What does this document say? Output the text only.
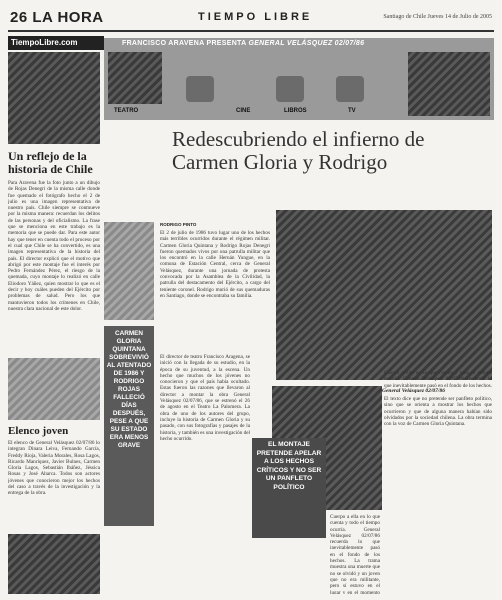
26 LA HORA	TIEMPO LIBRE	Santiago de Chile Jueves 14 de Julio de 2005
TiempoLibre.com
Un reflejo de la historia de Chile
Para Aravena fue la foto junto a un dibujo de Rojas Denegri de la misma calle donde fue quemado el fotógrafo hecho el 2 de julio es una imagen representativa de nuestro país. Chile siempre se conmueve por la misma manera: recuerdan los delitos de las personas y del oficialismo. La frase que se menciona en este trabajo es la memoria que se puede dar. Para este autor hay que tener en cuenta todo el proceso por el cual que Chile se ha convertido, es una imagen representativa de la historia del país. El director explicó que el motivo que abrigó por este montaje fue el interés por Pedro Fernández Pérez, el riesgo de la quemada, cuyo montaje lo realizó en calle Eliodoro Yáñez, quien mostrar lo que es el decir y hoy cuáles pueden del Ejército por problemas de salud. Pero los que mantuvieron todos los crímenes en Chile, nuestra clara nacional de este dolor.
Elenco joven
El elenco de General Velásquez 02/07/86 lo integran Dinara Leiva, Fernando García, Freddy Rioja, Valeria Morales, Rosa Lagos, Ricardo Manríquez, Javier Bulnes, Carmen Gloria Lagos, Sebastián Ibáñez, Jéssica Rosas y José Abarca. Todos son actores jóvenes que conocieron mejor los hechos del caso a través de la investigación y la entrega de la obra.
FRANCISCO ARAVENA PRESENTA GENERAL VELÁSQUEZ 02/07/86
TEATRO	CINE	LIBROS	TV
Redescubriendo el infierno de Carmen Gloria y Rodrigo
RODRIGO PINTO
El 2 de julio de 1986 tuvo lugar uno de los hechos más terribles ocurridos durante el régimen militar. Carmen Gloria Quintana y Rodrigo Rojas Denegri fueron quemados vivos por una patrulla militar que los encontró en la calle Hernán Yungue, en la comuna de Estación Central, cerca de General Velásquez, durante una jornada de protesta convocada por la Asamblea de la Civilidad, la patrulla del destacamento del Ejército, a cargo del teniente coronel. Rodrigo murió de sus quemaduras en Santiago, donde se encontraba su familia.
El director de teatro Francisco Aragena, se inició con la llegada de su estudio, en la época de su juventud, a la escena. Un hecho que muchos de los jóvenes no conocieron y que el país había ocultado. Estas fueron las razones que llevaron al director a montar la obra General Velásquez 02/07/86, que se estrenó el 26 de agosto en el Teatro La Palomera. La obra de uno de los autores del grupo, incluye la historia de Carmen Gloria y su pasado, con sus fotografías y pasajes de la historia, y también es una investigación del hecho ocurrido.
Cuerpo a ella en lo que cuenta y todo el tiempo ocurría. General Velásquez 02/07/86 recuerda lo que inevitablemente pasó en el fondo de los hechos.
General Velásquez 02/07/86
El texto dice que no pretende ser panfleto político, sino que se orienta a mostrar los hechos que ocurrieron y que de alguna manera habían sido olvidados por la sociedad chilena. La obra termina con la voz de Carmen Gloria Quintana.
Cuerpo a ella en lo que cuenta y todo el tiempo ocurría. General Velásquez 02/07/86 recuerda lo que inevitablemente pasó en el fondo de los hechos. La trama muestra una muerte que no se olvidó y un joven que no era militante, pero sí estuvo en el lugar y en el momento
CARMEN GLORIA QUINTANA SOBREVIVIÓ AL ATENTADO DE 1986 Y RODRIGO ROJAS FALLECIÓ DÍAS DESPUÉS, PESE A QUE SU ESTADO ERA MENOS GRAVE	EL MONTAJE PRETENDE APELAR A LOS HECHOS CRÍTICOS Y NO SER UN PANFLETO POLÍTICO
